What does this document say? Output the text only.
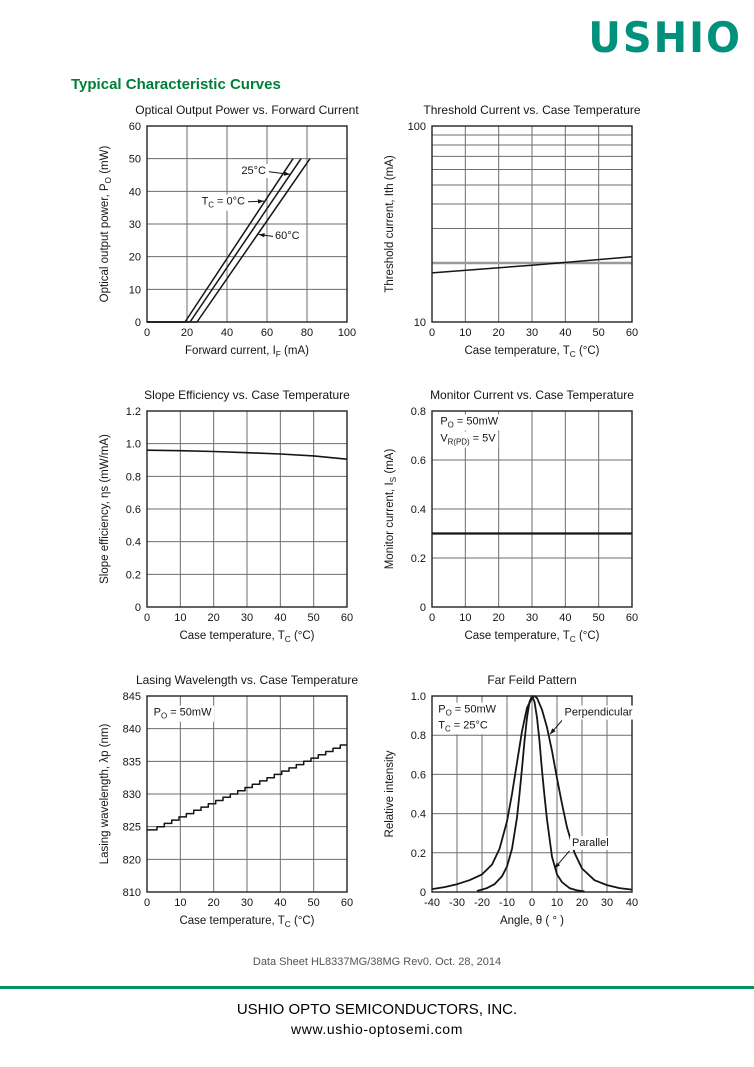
USHIO
Typical Characteristic Curves
0	20	40	60	80 100
0
10
20
30
40
50
60
Forward current, $I_F$ (mA)
Optical output power, $P_O$ (mW)	25°C
$T_C = 0^\circ C$
60°C
Optical Output Power vs. Forward Current
0 10 20 30 40 50 60
100
10
Case temperature, $T_C$ (°C)
Threshold current, Ith (mA)
Threshold Current vs. Case Temperature
0 10 20 30 40 50 60
0
0.2
0.4
0.6
0.8
1.0
1.2
Case temperature, $T_C$ (°C)
Slope efficiency, ηs (mW/mA)
Slope Efficiency vs. Case Temperature
0 10 20 30 40 50 60
0
0.2
0.4
0.6
0.8
Case temperature, $T_C$ (°C)
Monitor current, $I_S$ (mA)
$P_O = 50mW$
$V_{R(PD)} = 5V$
Monitor Current vs. Case Temperature
0 10 20 30 40 50 60
845
840
835
830
825
820
810
Case temperature, $T_C$ (°C)
Lasing wavelength, λp (nm)
$P_O = 50mW$
Lasing Wavelength vs. Case Temperature
-40 -30 -20 -10 0 10 20 30 40
0
0.2
0.4
0.6
0.8
1.0
Angle, θ ( ° )
Relative intensity
$P_O = 50mW$
$T_C = 25^\circ C$
Perpendicular
Parallel
Far Feild Pattern
Data Sheet HL8337MG/38MG Rev0. Oct. 28, 2014
USHIO OPTO SEMICONDUCTORS, INC.
www.ushio-optosemi.com
